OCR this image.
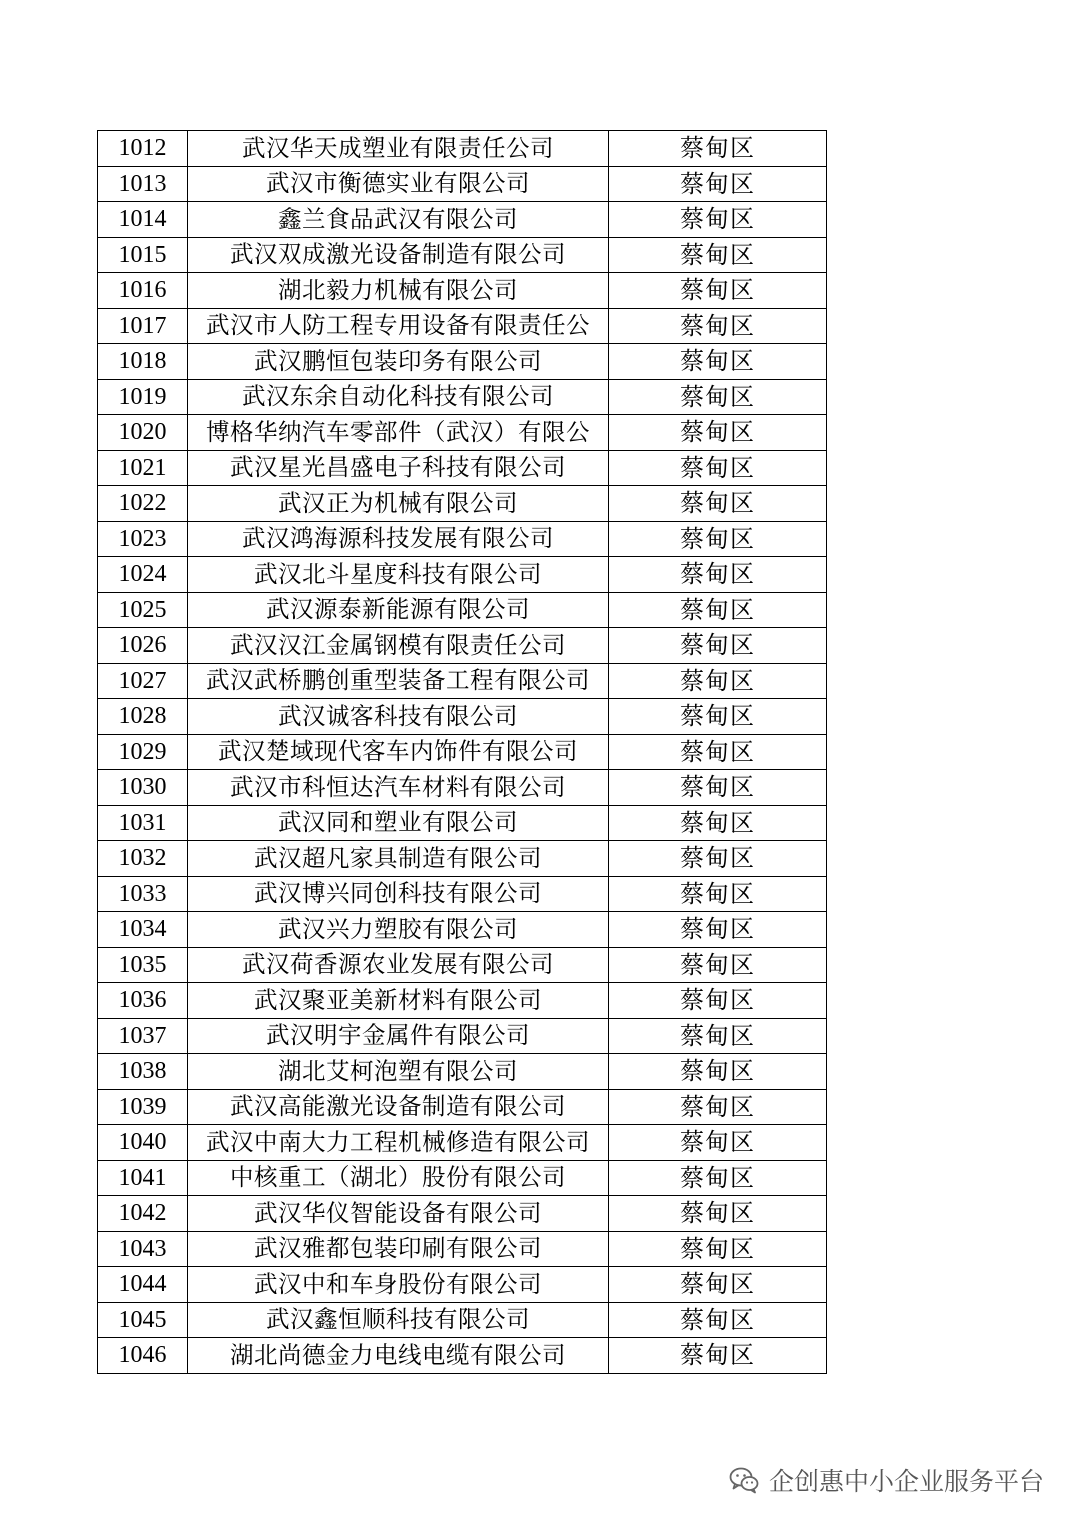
1012	武汉华天成塑业有限责任公司	蔡甸区
1013	武汉市衡德实业有限公司	蔡甸区
1014	鑫兰食品武汉有限公司	蔡甸区
1015	武汉双成激光设备制造有限公司	蔡甸区
1016	湖北毅力机械有限公司	蔡甸区
1017	武汉市人防工程专用设备有限责任公	蔡甸区
1018	武汉鹏恒包装印务有限公司	蔡甸区
1019	武汉东余自动化科技有限公司	蔡甸区
1020	博格华纳汽车零部件（武汉）有限公	蔡甸区
1021	武汉星光昌盛电子科技有限公司	蔡甸区
1022	武汉正为机械有限公司	蔡甸区
1023	武汉鸿海源科技发展有限公司	蔡甸区
1024	武汉北斗星度科技有限公司	蔡甸区
1025	武汉源泰新能源有限公司	蔡甸区
1026	武汉汉江金属钢模有限责任公司	蔡甸区
1027	武汉武桥鹏创重型装备工程有限公司	蔡甸区
1028	武汉诚客科技有限公司	蔡甸区
1029	武汉楚域现代客车内饰件有限公司	蔡甸区
1030	武汉市科恒达汽车材料有限公司	蔡甸区
1031	武汉同和塑业有限公司	蔡甸区
1032	武汉超凡家具制造有限公司	蔡甸区
1033	武汉博兴同创科技有限公司	蔡甸区
1034	武汉兴力塑胶有限公司	蔡甸区
1035	武汉荷香源农业发展有限公司	蔡甸区
1036	武汉聚亚美新材料有限公司	蔡甸区
1037	武汉明宇金属件有限公司	蔡甸区
1038	湖北艾柯泡塑有限公司	蔡甸区
1039	武汉高能激光设备制造有限公司	蔡甸区
1040	武汉中南大力工程机械修造有限公司	蔡甸区
1041	中核重工（湖北）股份有限公司	蔡甸区
1042	武汉华仪智能设备有限公司	蔡甸区
1043	武汉雅都包装印刷有限公司	蔡甸区
1044	武汉中和车身股份有限公司	蔡甸区
1045	武汉鑫恒顺科技有限公司	蔡甸区
1046	湖北尚德金力电线电缆有限公司	蔡甸区
企创惠中小企业服务平台
